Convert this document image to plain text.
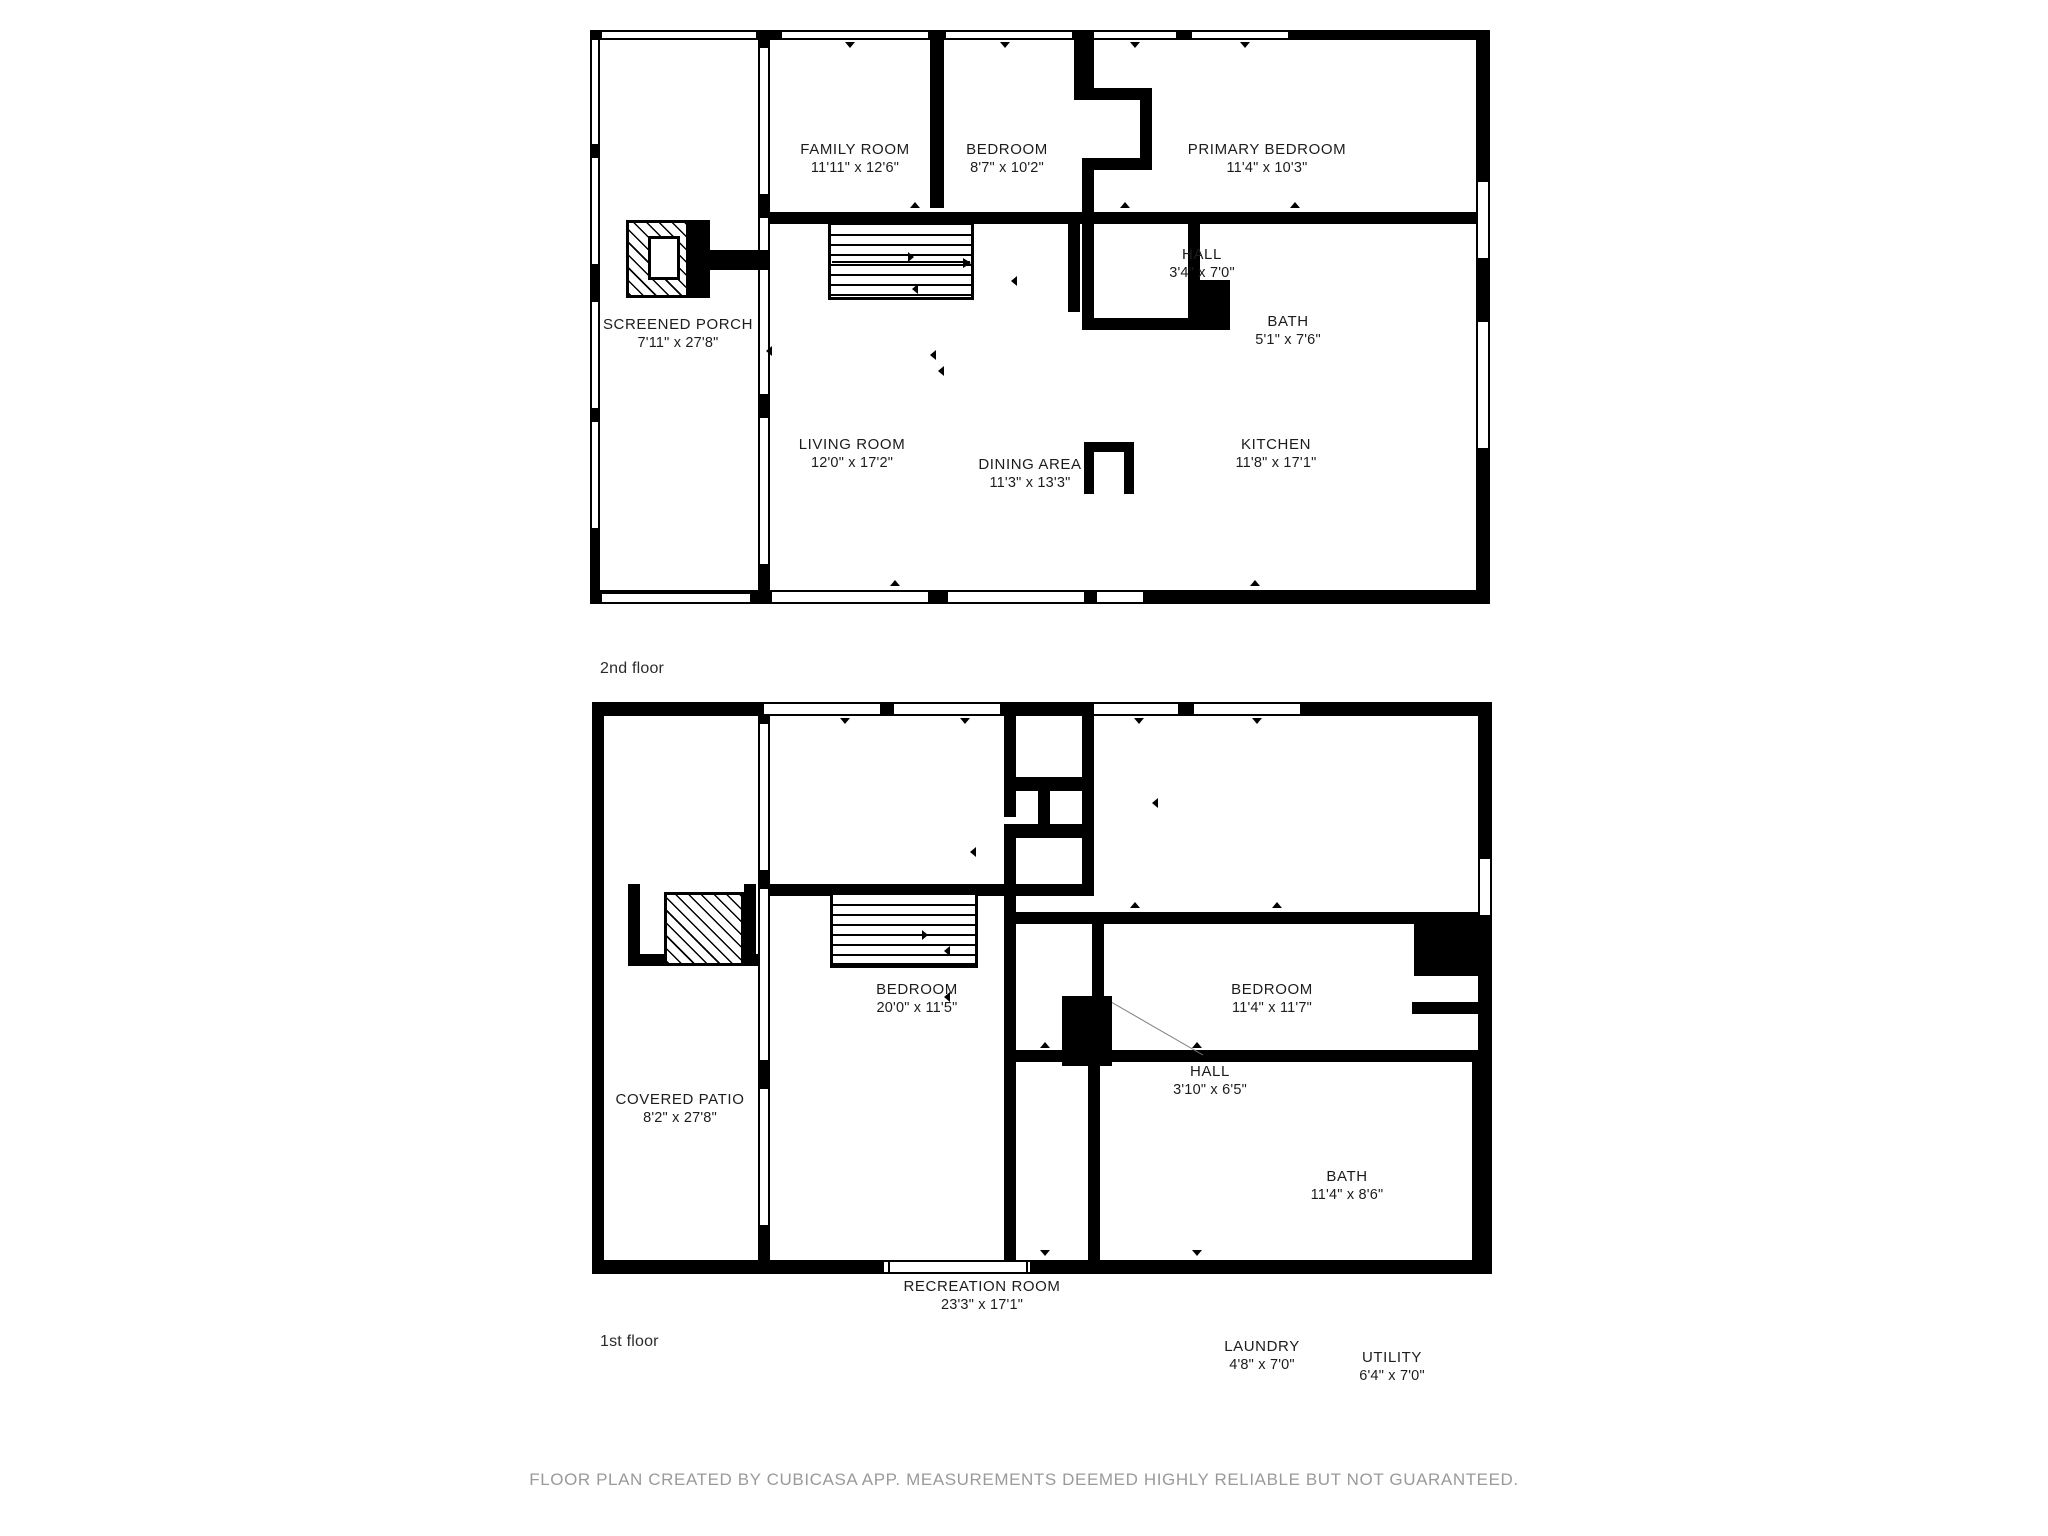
FAMILY ROOM
11'11" x 12'6"
BEDROOM
8'7" x 10'2"
PRIMARY BEDROOM
11'4" x 10'3"
HALL
3'4" x 7'0"
BATH
5'1" x 7'6"
SCREENED PORCH
7'11" x 27'8"
LIVING ROOM
12'0" x 17'2"	DINING AREA
11'3" x 13'3"
KITCHEN
11'8" x 17'1"
2nd floor
BEDROOM
20'0" x 11'5"
BEDROOM
11'4" x 11'7"
HALL
3'10" x 6'5"
COVERED PATIO
8'2" x 27'8"
BATH
11'4" x 8'6"
RECREATION ROOM
23'3" x 17'1"
LAUNDRY
4'8" x 7'0"	UTILITY
6'4" x 7'0"
1st floor
FLOOR PLAN CREATED BY CUBICASA APP. MEASUREMENTS DEEMED HIGHLY RELIABLE BUT NOT GUARANTEED.
